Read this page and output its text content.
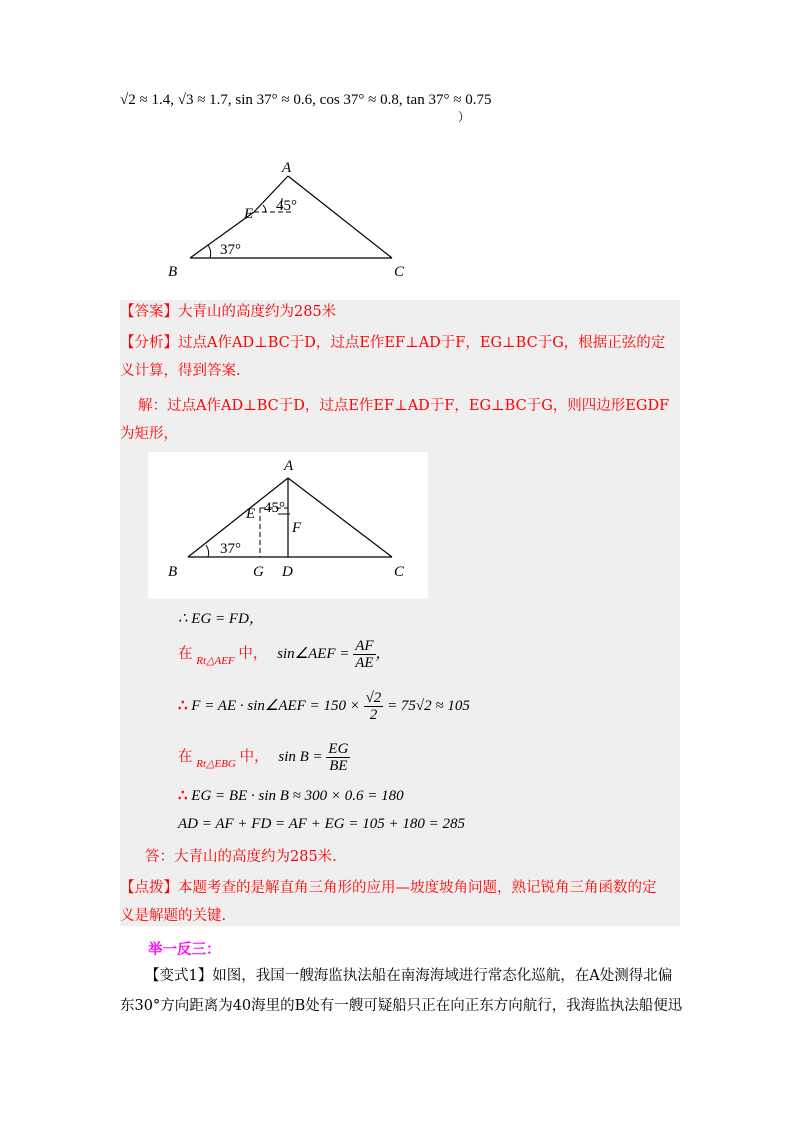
√2 ≈ 1.4, √3 ≈ 1.7, sin 37° ≈ 0.6, cos 37° ≈ 0.8, tan 37° ≈ 0.75
）
A
B	C
E 45°
37°
【答案】大青山的高度约为285米
【分析】过点A作AD⊥BC于D，过点E作EF⊥AD于F，EG⊥BC于G，根据正弦的定
义计算，得到答案.
解：过点A作AD⊥BC于D，过点E作EF⊥AD于F，EG⊥BC于G，则四边形EGDF
为矩形，
A
B	C
E
F
G D
45°
37°
∴ EG = FD，
在 $_{Rt\triangle AEF}$ 中， sin∠AEF = $\frac{AF}{AE}$ ，
∴ F = AE · sin∠AEF = $150 \times \frac{√2}{2} = 75√2 \approx 105$
在 $_{Rt\triangle EBG}$ 中， $\sin B = \frac{EG}{BE}$
∴ EG = BE · sin B ≈ 300 × 0.6 = 180
AD = AF + FD = AF + EG = 105 + 180 = 285
答：大青山的高度约为285米.
【点拨】本题考查的是解直角三角形的应用—坡度坡角问题，熟记锐角三角函数的定
义是解题的关键.
举一反三：
【变式1】如图，我国一艘海监执法船在南海海域进行常态化巡航，在A处测得北偏
东30°方向距离为40海里的B处有一艘可疑船只正在向正东方向航行，我海监执法船便迅
